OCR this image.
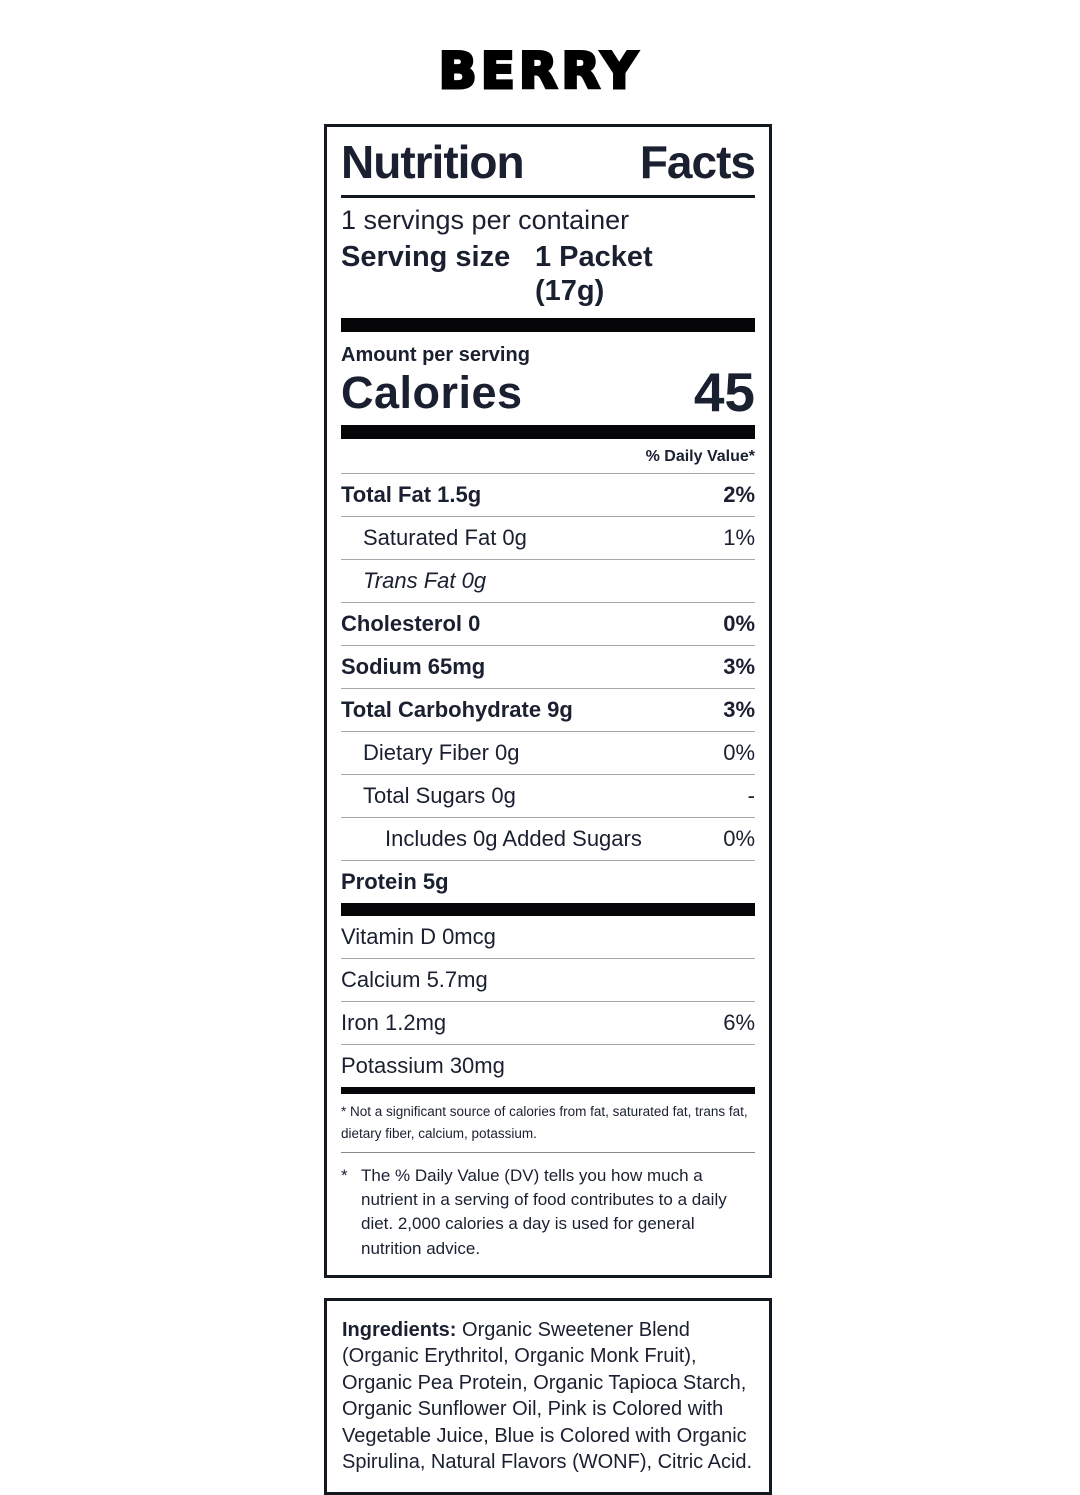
BERRY
Nutrition	Facts
1 servings per container
Serving size 1 Packet (17g)
Amount per serving
Calories	45
% Daily Value*
Total Fat 1.5g	2%
Saturated Fat 0g	1%
Trans Fat 0g
Cholesterol 0	0%
Sodium 65mg	3%
Total Carbohydrate 9g	3%
Dietary Fiber 0g	0%
Total Sugars 0g	-
Includes 0g Added Sugars	0%
Protein 5g
Vitamin D 0mcg
Calcium 5.7mg
Iron 1.2mg	6%
Potassium 30mg
* Not a significant source of calories from fat, saturated fat, trans fat, dietary fiber, calcium, potassium.
* The % Daily Value (DV) tells you how much a nutrient in a serving of food contributes to a daily diet. 2,000 calories a day is used for general nutrition advice.
Ingredients: Organic Sweetener Blend (Organic Erythritol, Organic Monk Fruit), Organic Pea Protein, Organic Tapioca Starch, Organic Sunflower Oil, Pink is Colored with Vegetable Juice, Blue is Colored with Organic Spirulina, Natural Flavors (WONF), Citric Acid.
